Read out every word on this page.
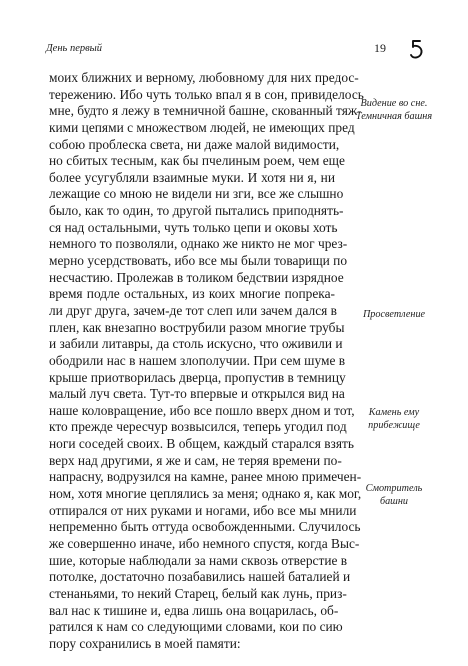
День первый	19
моих ближних и верному, любовному для них предос-
тережению. Ибо чуть только впал я в сон, привиделось
мне, будто я лежу в темничной башне, скованный тяж-
кими цепями с множеством людей, не имеющих пред
собою проблеска света, ни даже малой видимости,
но сбитых тесным, как бы пчелиным роем, чем еще
более усугубляли взаимные муки. И хотя ни я, ни
лежащие со мною не видели ни зги, все же слышно
было, как то один, то другой пытались приподнять-
ся над остальными, чуть только цепи и оковы хоть
немного то позволяли, однако же никто не мог чрез-
мерно усердствовать, ибо все мы были товарищи по
несчастию. Пролежав в толиком бедствии изрядное
время подле остальных, из коих многие попрека-
ли друг друга, зачем-де тот слеп или зачем дался в
плен, как внезапно вострубили разом многие трубы
и забили литавры, да столь искусно, что оживили и
ободрили нас в нашем злополучии. При сем шуме в
крыше приотворилась дверца, пропустив в темницу
малый луч света. Тут-то впервые и открылся вид на
наше коловращение, ибо все пошло вверх дном и тот,
кто прежде чересчур возвысился, теперь угодил под
ноги соседей своих. В общем, каждый старался взять
верх над другими, я же и сам, не теряя времени по-
напрасну, водрузился на камне, ранее мною примечен-
ном, хотя многие цеплялись за меня; однако я, как мог,
отпирался от них руками и ногами, ибо все мы мнили
непременно быть оттуда освобожденными. Случилось
же совершенно иначе, ибо немного спустя, когда Выс-
шие, которые наблюдали за нами сквозь отверстие в
потолке, достаточно позабавились нашей баталией и
стенаньями, то некий Старец, белый как лунь, приз-
вал нас к тишине и, едва лишь она воцарилась, об-
ратился к нам со следующими словами, кои по сию
пору сохранились в моей памяти:
Видение во сне.
Темничная башня
Просветление
Камень ему
прибежище
Смотритель
башни
